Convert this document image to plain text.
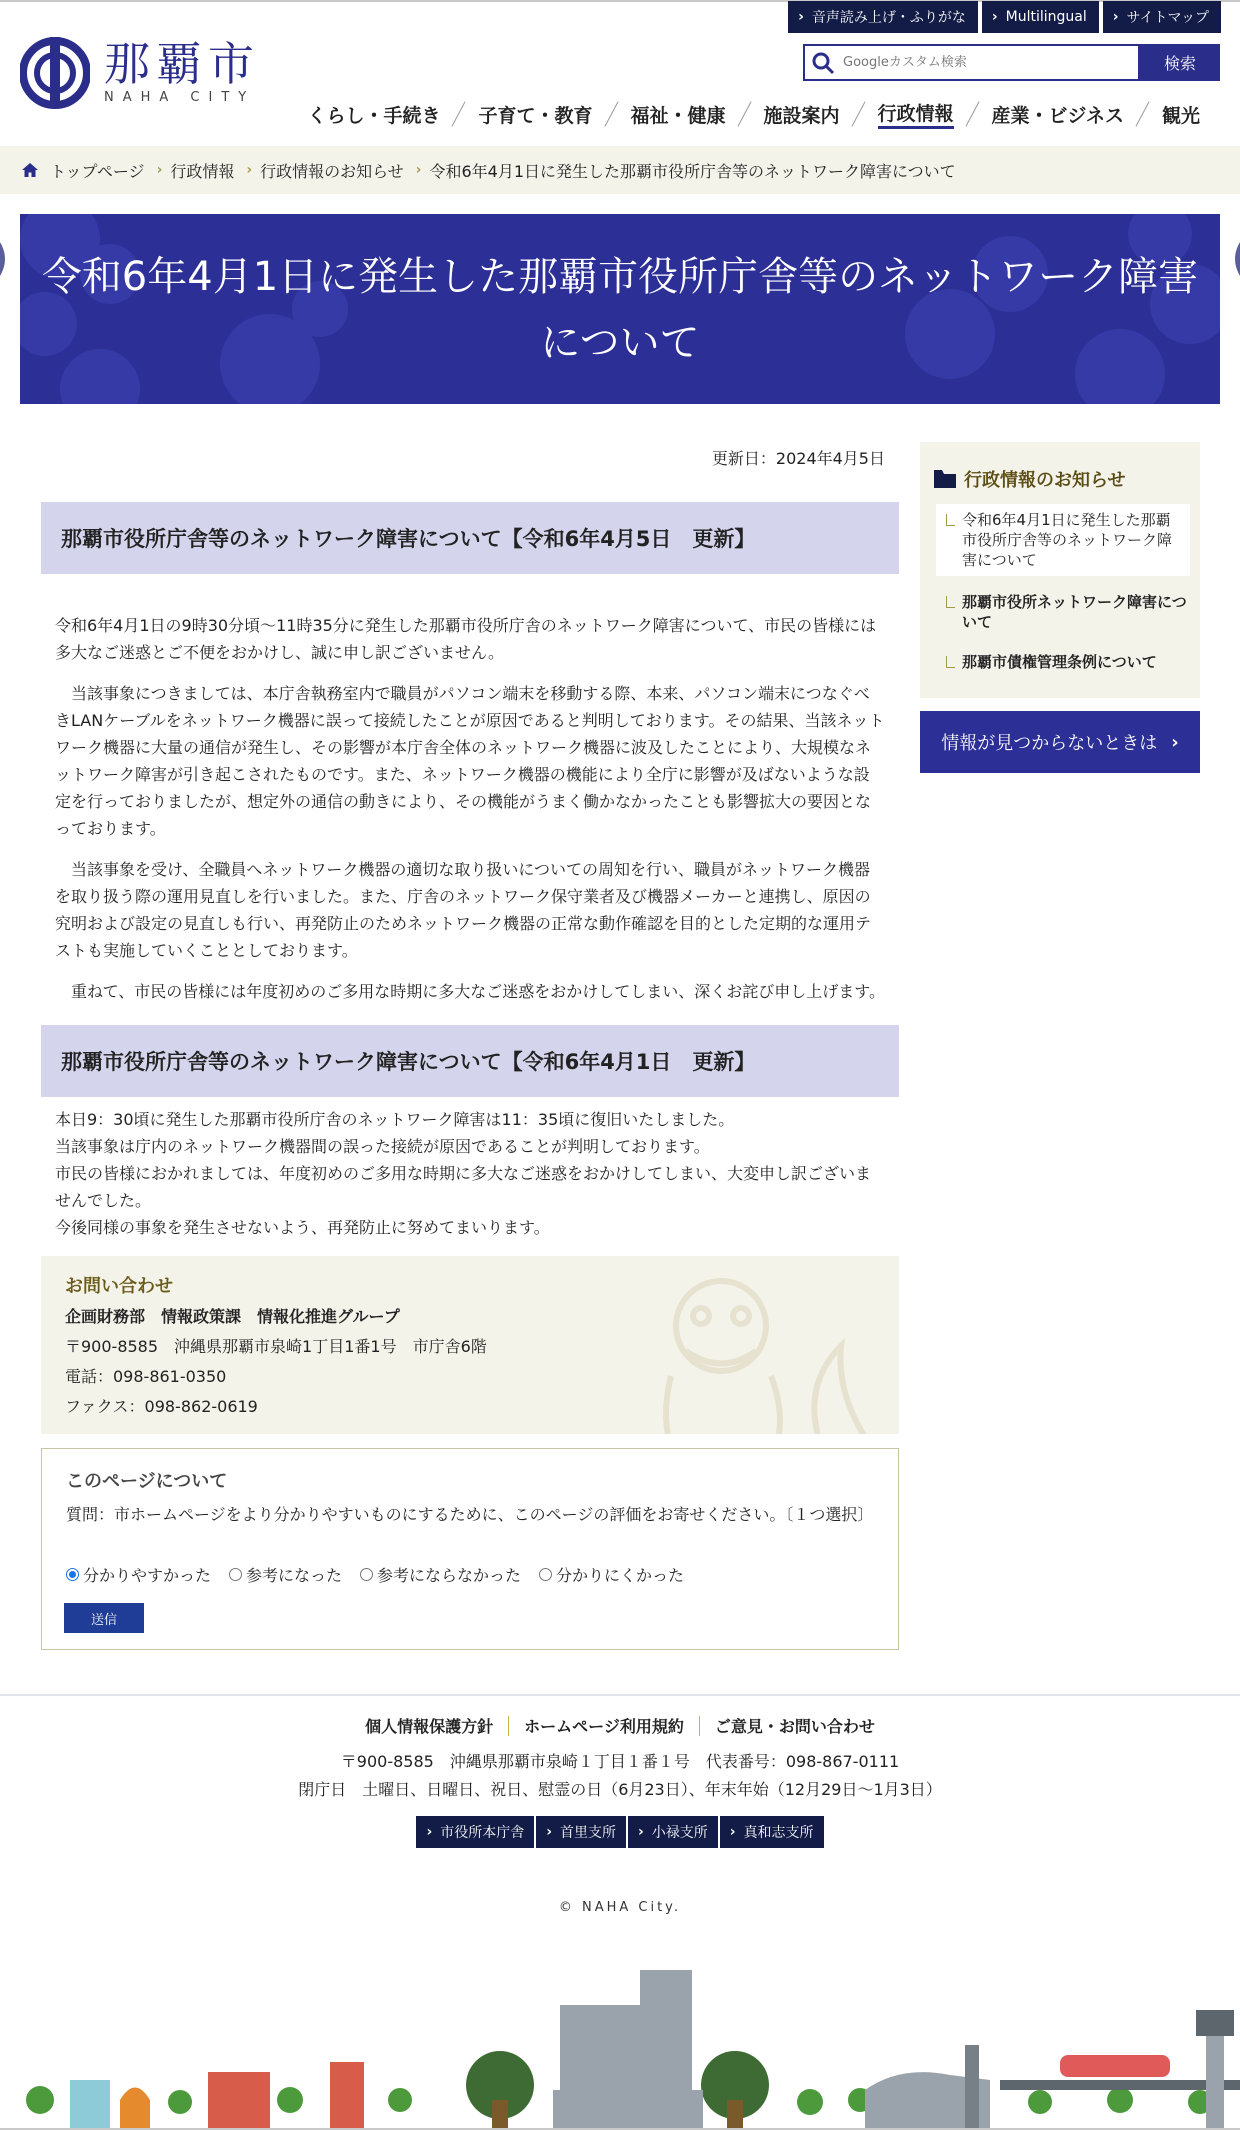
› 音声読み上げ・ふりがな › Multilingual › サイトマップ
那覇市
NAHA CITY
Googleカスタム検索
検索
くらし・手続き 子育て・教育 福祉・健康 施設案内 行政情報 産業・ビジネス 観光
トップページ › 行政情報 › 行政情報のお知らせ › 令和6年4月1日に発生した那覇市役所庁舎等のネットワーク障害について
令和6年4月1日に発生した那覇市役所庁舎等のネットワーク障害について
更新日：2024年4月5日
那覇市役所庁舎等のネットワーク障害について【令和6年4月5日　更新】

令和6年4月1日の9時30分頃～11時35分に発生した那覇市役所庁舎のネットワーク障害について、市民の皆様には多大なご迷惑とご不便をおかけし、誠に申し訳ございません。

当該事象につきましては、本庁舎執務室内で職員がパソコン端末を移動する際、本来、パソコン端末につなぐべきLANケーブルをネットワーク機器に誤って接続したことが原因であると判明しております。その結果、当該ネットワーク機器に大量の通信が発生し、その影響が本庁舎全体のネットワーク機器に波及したことにより、大規模なネットワーク障害が引き起こされたものです。また、ネットワーク機器の機能により全庁に影響が及ばないような設定を行っておりましたが、想定外の通信の動きにより、その機能がうまく働かなかったことも影響拡大の要因となっております。

当該事象を受け、全職員へネットワーク機器の適切な取り扱いについての周知を行い、職員がネットワーク機器を取り扱う際の運用見直しを行いました。また、庁舎のネットワーク保守業者及び機器メーカーと連携し、原因の究明および設定の見直しも行い、再発防止のためネットワーク機器の正常な動作確認を目的とした定期的な運用テストも実施していくこととしております。

重ねて、市民の皆様には年度初めのご多用な時期に多大なご迷惑をおかけしてしまい、深くお詫び申し上げます。

那覇市役所庁舎等のネットワーク障害について【令和6年4月1日　更新】

本日9：30頃に発生した那覇市役所庁舎のネットワーク障害は11：35頃に復旧いたしました。

当該事象は庁内のネットワーク機器間の誤った接続が原因であることが判明しております。

市民の皆様におかれましては、年度初めのご多用な時期に多大なご迷惑をおかけしてしまい、大変申し訳ございませんでした。

今後同様の事象を発生させないよう、再発防止に努めてまいります。

お問い合わせ
企画財務部　情報政策課　情報化推進グループ
〒900-8585　沖縄県那覇市泉崎1丁目1番1号　市庁舎6階
電話：098-861-0350
ファクス：098-862-0619
このページについて
質問：市ホームページをより分かりやすいものにするために、このページの評価をお寄せください。〔１つ選択〕
分かりやすかった 参考になった 参考にならなかった 分かりにくかった
送信
行政情報のお知らせ
令和6年4月1日に発生した那覇市役所庁舎等のネットワーク障害について
那覇市役所ネットワーク障害について
那覇市債権管理条例について
情報が見つからないときは ›
個人情報保護方針	ホームページ利用規約	ご意見・お問い合わせ
〒900-8585　沖縄県那覇市泉崎１丁目１番１号　代表番号：098-867-0111
閉庁日　土曜日、日曜日、祝日、慰霊の日（6月23日）、年末年始（12月29日～1月3日）
› 市役所本庁舎 › 首里支所 › 小禄支所 › 真和志支所
© NAHA City.
